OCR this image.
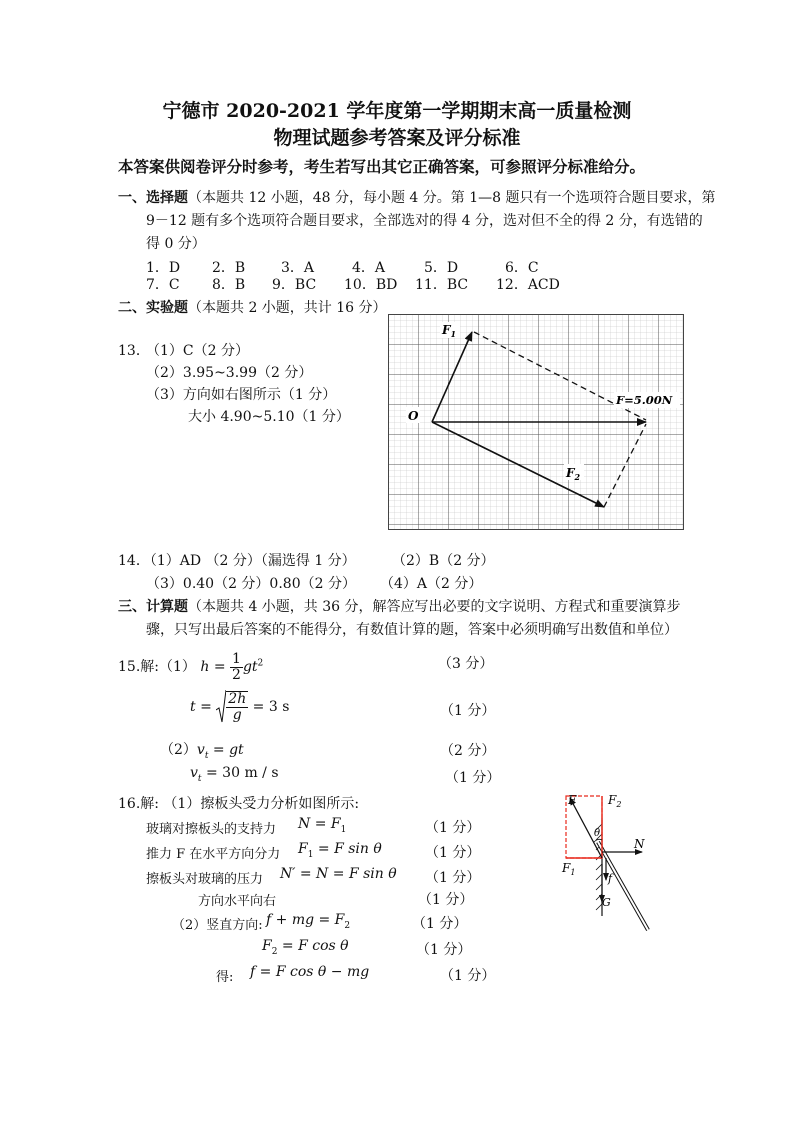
宁德市 2020-2021 学年度第一学期期末高一质量检测
物理试题参考答案及评分标准
本答案供阅卷评分时参考，考生若写出其它正确答案，可参照评分标准给分。
一、选择题（本题共 12 小题，48 分，每小题 4 分。第 1—8 题只有一个选项符合题目要求，第
9－12 题有多个选项符合题目要求，全部选对的得 4 分，选对但不全的得 2 分，有选错的
得 0 分）
1．D 2．B	3．A	4．A	5．D	6．C
7．C 8．B 9．BC 10．BD 11．BC 12．ACD
二、实验题（本题共 2 小题，共计 16 分）
13．
（1）C（2 分）
（2）3.95~3.99（2 分）
（3）方向如右图所示（1 分）
大小 4.90~5.10（1 分）	O
$F_1$
$F_2$
F=5.00N
14．（1）AD （2 分）（漏选得 1 分）	（2）B（2 分）
（3）0.40（2 分）0.80（2 分） （4）A（2 分）
三、计算题（本题共 4 小题，共 36 分，解答应写出必要的文字说明、方程式和重要演算步
骤，只写出最后答案的不能得分，有数值计算的题，答案中必须明确写出数值和单位）
15.解:（1） $h = \frac{1}{2} gt^2$	（3 分）
$t = \frac{2h}{g} = 3$ s	（1 分）
$(2)v_t$ = gt	（2 分）
$v_t = 30$ m / s	（1 分）
16.解: （1）擦板头受力分析如图所示:
玻璃对擦板头的支持力 $N = F_1$	（1 分）
推力 F 在水平方向分力 $F_1 = F$ sin θ	（1 分）
擦板头对玻璃的压力 N′ = N = F sin θ （1 分）
方向水平向右	（1 分）
（2）竖直方向: f + mg = $F_2$	（1 分）
$F_2 = F$ cos θ	（1 分）
得: f = F cos θ − mg	（1 分）
F	$F_2$
θ
N
$F_1$	f
G
